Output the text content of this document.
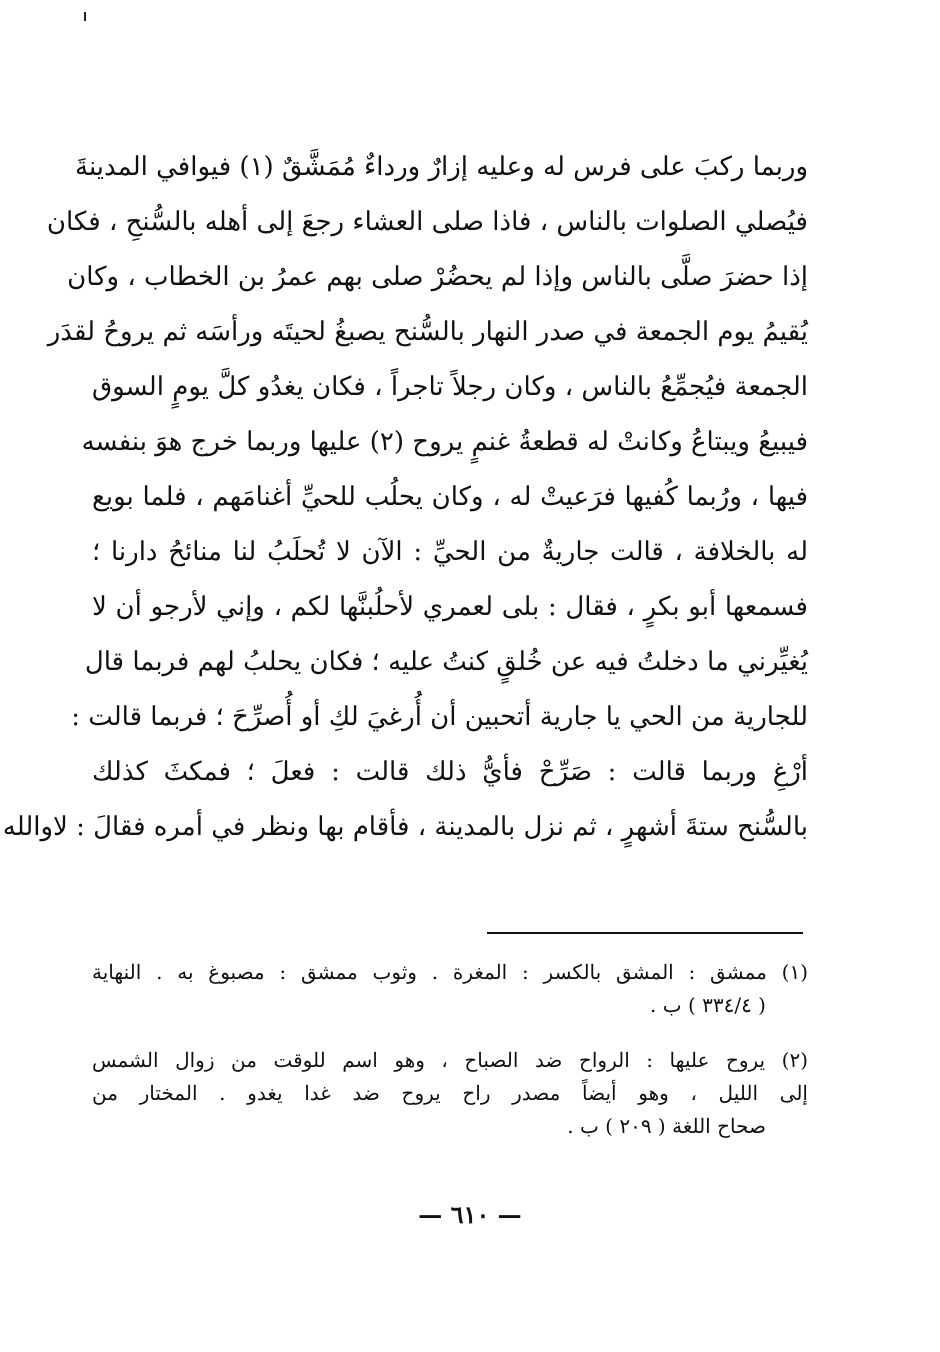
وربما ركبَ على فرس له وعليه إزارٌ ورداءٌ مُمَشَّقٌ (١) فيوافي المدينةَ
فيُصلي الصلوات بالناس ، فاذا صلى العشاء رجعَ إلى أهله بالسُّنحِ ، فكان
إذا حضرَ صلَّى بالناس وإذا لم يحضُرْ صلى بهم عمرُ بن الخطاب ، وكان
يُقيمُ يوم الجمعة في صدر النهار بالسُّنح يصبغُ لحيتَه ورأسَه ثم يروحُ لقدَر
الجمعة فيُجمِّعُ بالناس ، وكان رجلاً تاجراً ، فكان يغدُو كلَّ يومٍ السوق
فيبيعُ ويبتاعُ وكانتْ له قطعةُ غنمٍ يروح (٢) عليها وربما خرج هوَ بنفسه
فيها ، ورُبما كُفيها فرَعيتْ له ، وكان يحلُب للحيِّ أغنامَهم ، فلما بويع
له بالخلافة ، قالت جاريةٌ من الحيِّ : الآن لا تُحلَبُ لنا منائحُ دارنا ؛
فسمعها أبو بكرٍ ، فقال : بلى لعمري لأحلُبنَّها لكم ، وإني لأرجو أن لا
يُغيِّرني ما دخلتُ فيه عن خُلقٍ كنتُ عليه ؛ فكان يحلبُ لهم فربما قال
للجارية من الحي يا جارية أتحبين أن أُرغيَ لكِ أو أُصرِّحَ ؛ فربما قالت :
أرْغِ وربما قالت : صَرِّحْ فأيُّ ذلك قالت : فعلَ ؛ فمكثَ كذلك
بالسُّنح ستةَ أشهرٍ ، ثم نزل بالمدينة ، فأقام بها ونظر في أمره فقالَ : لاوالله
(١) ممشق : المشق بالكسر : المغرة . وثوب ممشق : مصبوغ به . النهاية
( ٣٣٤/٤ ) ب .
(٢) يروح عليها : الرواح ضد الصباح ، وهو اسم للوقت من زوال الشمس
إلى الليل ، وهو أيضاً مصدر راح يروح ضد غدا يغدو . المختار من
صحاح اللغة ( ٢٠٩ ) ب .
— ٦١٠ —
